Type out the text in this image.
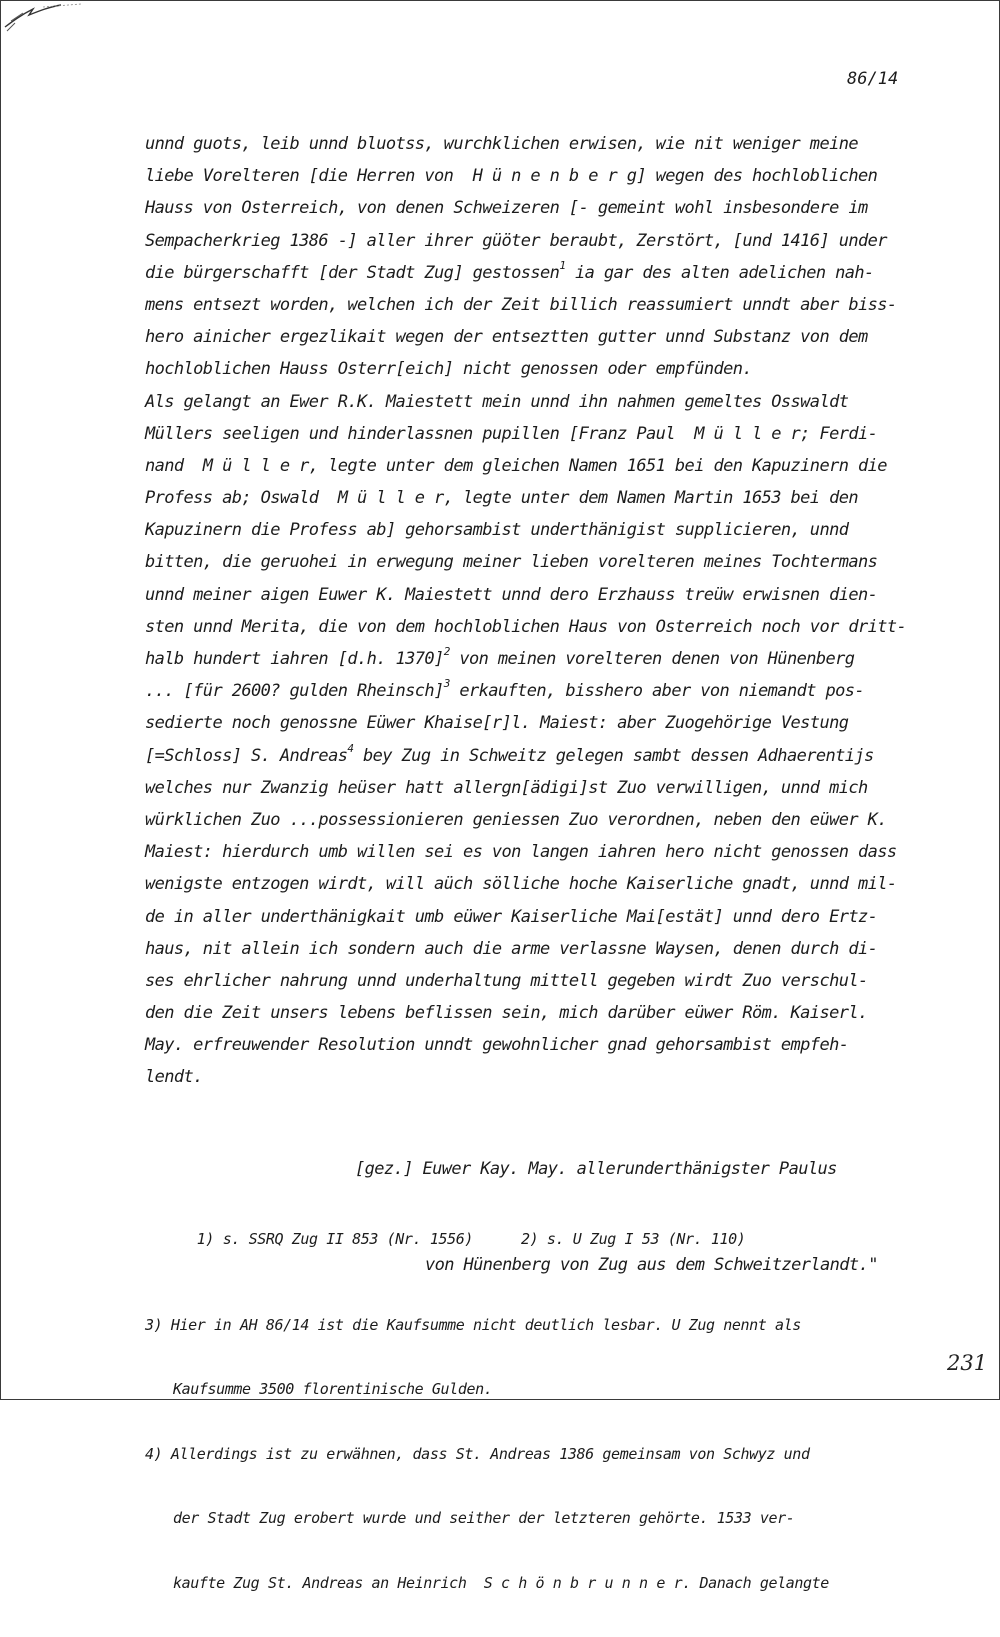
86/14
unnd guots, leib unnd bluotss, wurchklichen erwisen, wie nit weniger meine
liebe Vorelteren [die Herren von  H ü n e n b e r g] wegen des hochloblichen
Hauss von Osterreich, von denen Schweizeren [- gemeint wohl insbesondere im
Sempacherkrieg 1386 -] aller ihrer güöter beraubt, Zerstört, [und 1416] under
die bürgerschafft [der Stadt Zug] gestossen$^1$ ia gar des alten adelichen nah-
mens entsezt worden, welchen ich der Zeit billich reassumiert unndt aber biss-
hero ainicher ergezlikait wegen der entseztten gutter unnd Substanz von dem
hochloblichen Hauss Osterr[eich] nicht genossen oder empfünden.
Als gelangt an Ewer R.K. Maiestett mein unnd ihn nahmen gemeltes Osswaldt
Müllers seeligen und hinderlassnen pupillen [Franz Paul  M ü l l e r; Ferdi-
nand  M ü l l e r, legte unter dem gleichen Namen 1651 bei den Kapuzinern die
Profess ab; Oswald  M ü l l e r, legte unter dem Namen Martin 1653 bei den
Kapuzinern die Profess ab] gehorsambist underthänigist supplicieren, unnd
bitten, die geruohei in erwegung meiner lieben vorelteren meines Tochtermans
unnd meiner aigen Euwer K. Maiestett unnd dero Erzhauss treüw erwisnen dien-
sten unnd Merita, die von dem hochloblichen Haus von Osterreich noch vor dritt-
halb hundert iahren [d.h. 1370]$^2$ von meinen vorelteren denen von Hünenberg
... [für 2600? gulden Rheinsch]$^3$ erkauften, bisshero aber von niemandt pos-
sedierte noch genossne Eüwer Khaise[r]l. Maiest: aber Zuogehörige Vestung
[=Schloss] S. Andreas$^4$ bey Zug in Schweitz gelegen sambt dessen Adhaerentijs
welches nur Zwanzig heüser hatt allergn[ädigi]st Zuo verwilligen, unnd mich
würklichen Zuo ...possessionieren geniessen Zuo verordnen, neben den eüwer K.
Maiest: hierdurch umb willen sei es von langen iahren hero nicht genossen dass
wenigste entzogen wirdt, will aüch sölliche hoche Kaiserliche gnadt, unnd mil-
de in aller underthänigkait umb eüwer Kaiserliche Mai[estät] unnd dero Ertz-
haus, nit allein ich sondern auch die arme verlassne Waysen, denen durch di-
ses ehrlicher nahrung unnd underhaltung mittell gegeben wirdt Zuo verschul-
den die Zeit unsers lebens beflissen sein, mich darüber eüwer Röm. Kaiserl.
May. erfreuwender Resolution unndt gewohnlicher gnad gehorsambist empfeh-
lendt.

[gez.] Euwer Kay. May. allerunderthänigster Paulus

von Hünenberg von Zug aus dem Schweitzerlandt."

1) s. SSRQ Zug II 853 (Nr. 1556)	2) s. U Zug I 53 (Nr. 110)

3) Hier in AH 86/14 ist die Kaufsumme nicht deutlich lesbar. U Zug nennt als

Kaufsumme 3500 florentinische Gulden.

4) Allerdings ist zu erwähnen, dass St. Andreas 1386 gemeinsam von Schwyz und

der Stadt Zug erobert wurde und seither der letzteren gehörte. 1533 ver-

kaufte Zug St. Andreas an Heinrich  S c h ö n b r u n n e r. Danach gelangte

231
